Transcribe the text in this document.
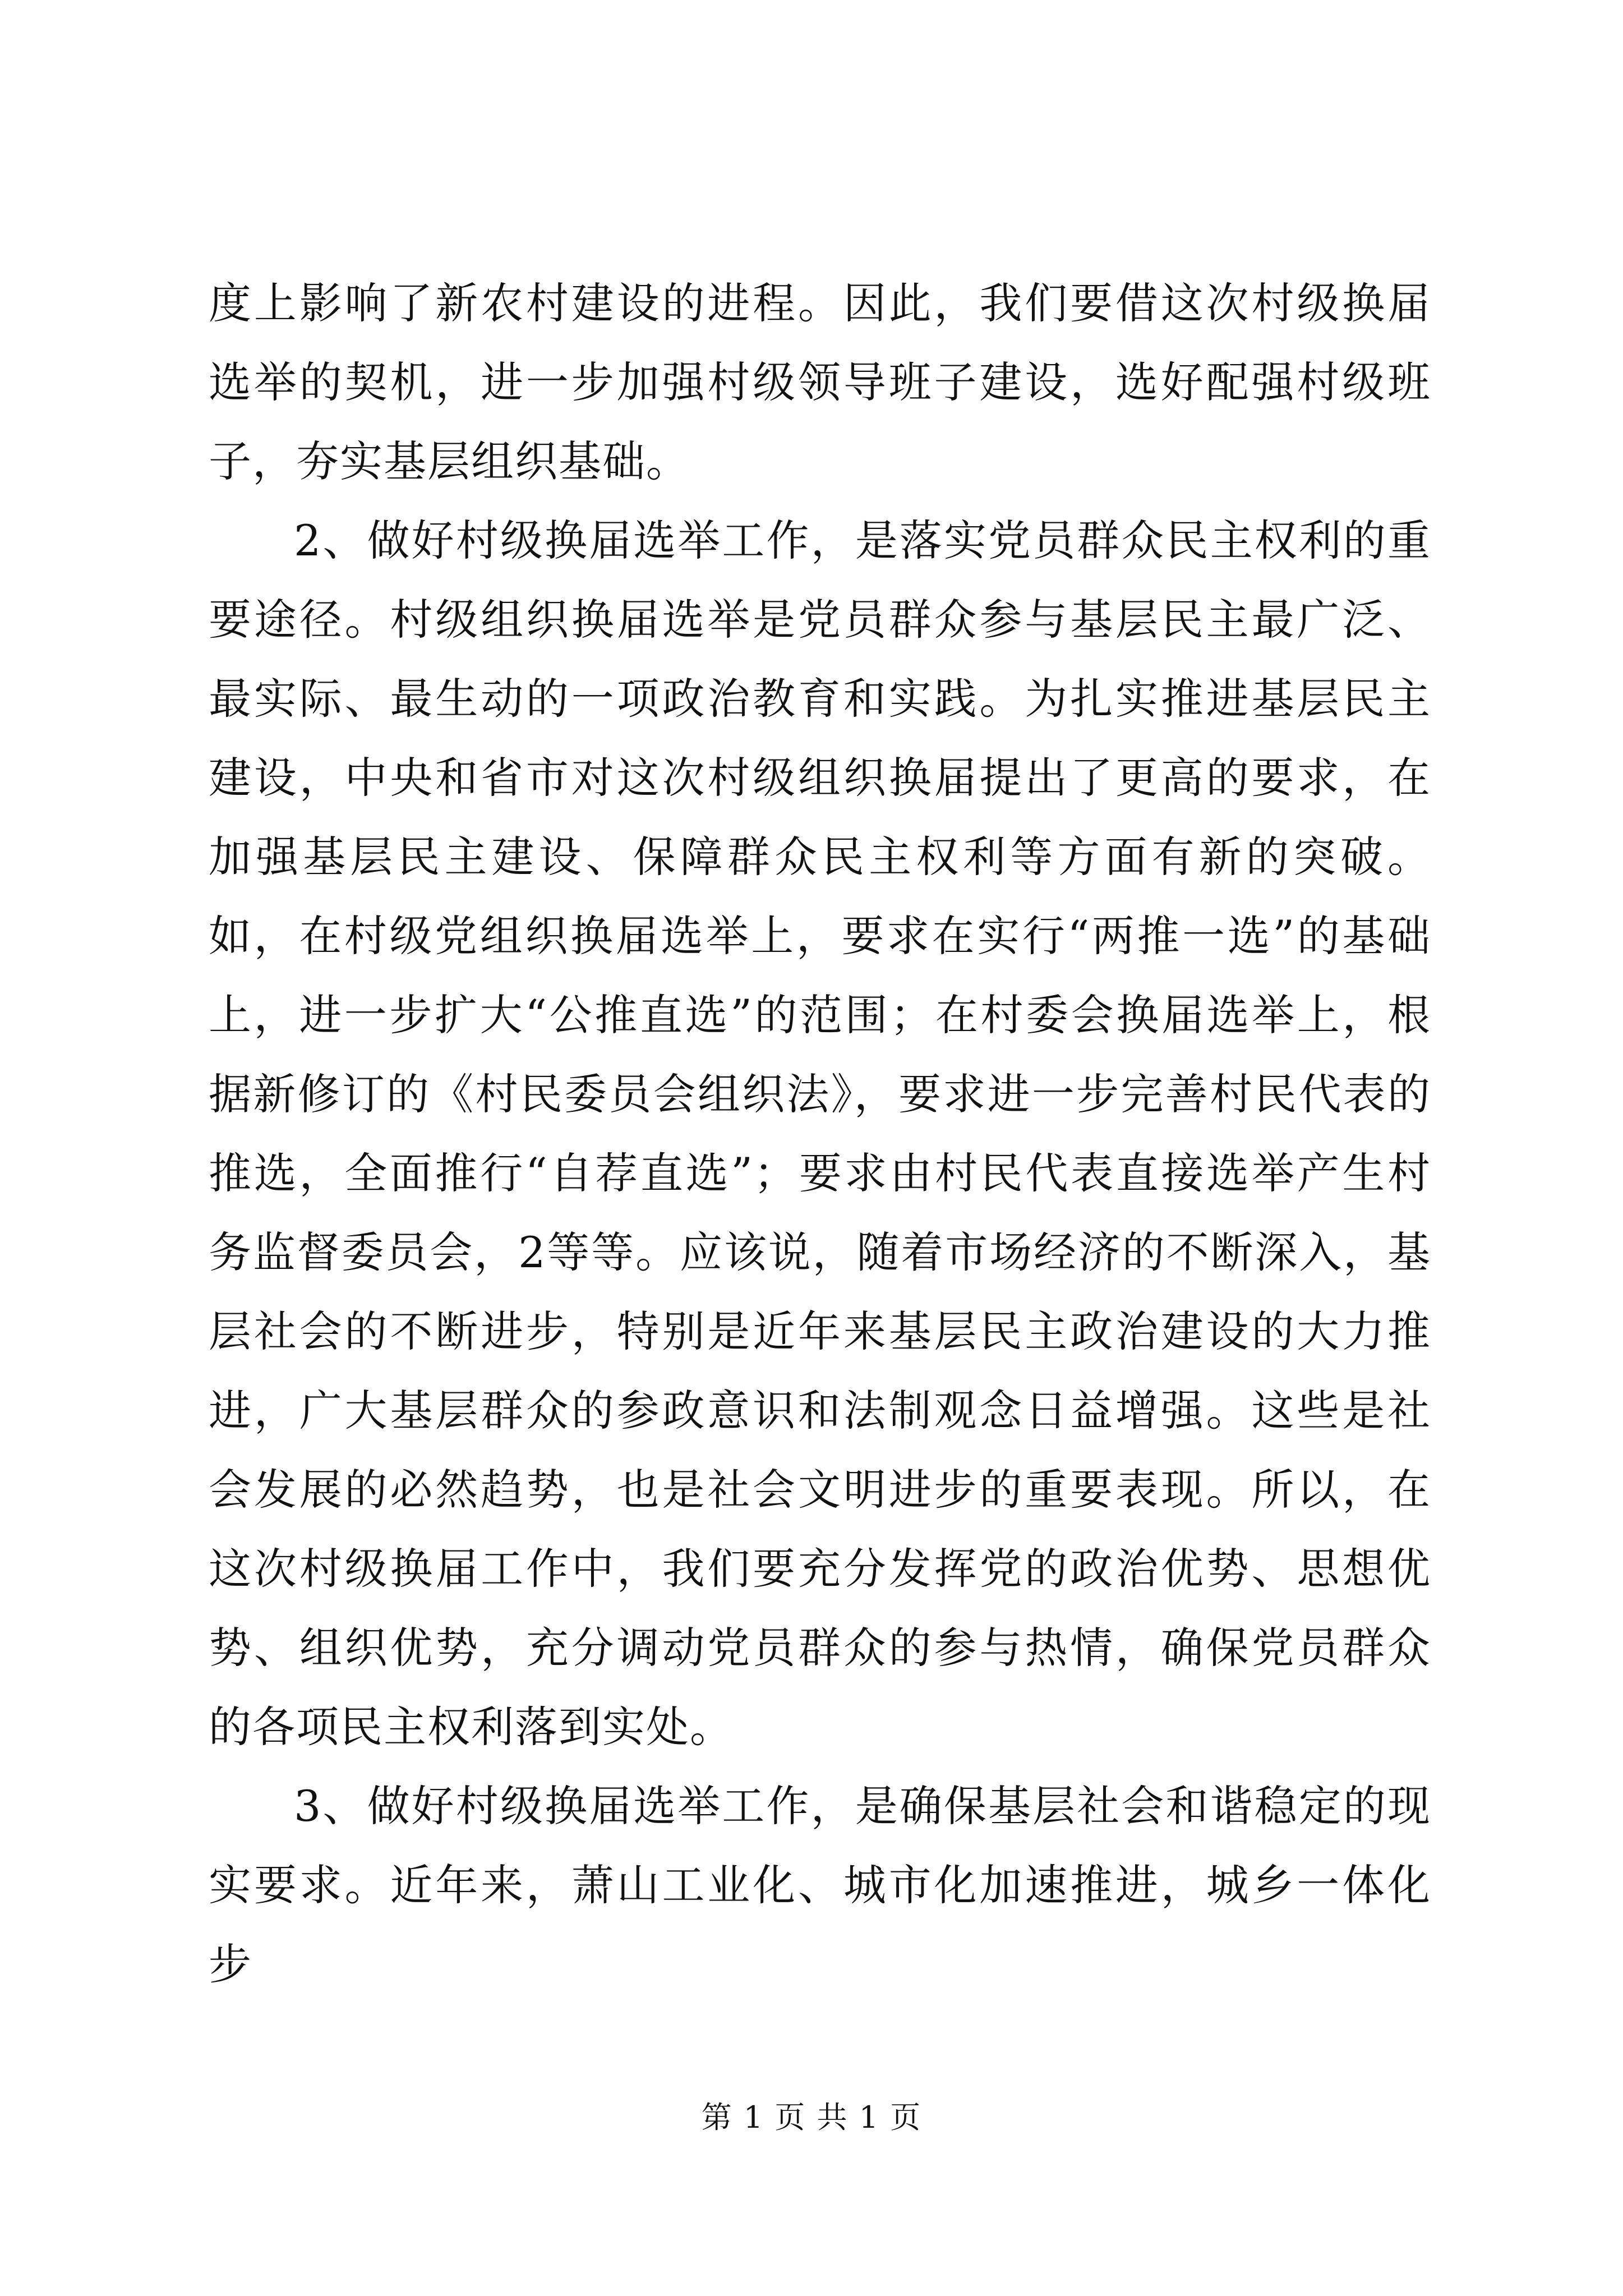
度上影响了新农村建设的进程。因此，我们要借这次村级换届选举的契机，进一步加强村级领导班子建设，选好配强村级班子，夯实基层组织基础。

2、做好村级换届选举工作，是落实党员群众民主权利的重要途径。村级组织换届选举是党员群众参与基层民主最广泛、最实际、最生动的一项政治教育和实践。为扎实推进基层民主建设，中央和省市对这次村级组织换届提出了更高的要求，在加强基层民主建设、保障群众民主权利等方面有新的突破。如，在村级党组织换届选举上，要求在实行“两推一选”的基础上，进一步扩大“公推直选”的范围；在村委会换届选举上，根据新修订的《村民委员会组织法》，要求进一步完善村民代表的推选，全面推行“自荐直选”；要求由村民代表直接选举产生村务监督委员会，2等等。应该说，随着市场经济的不断深入，基层社会的不断进步，特别是近年来基层民主政治建设的大力推进，广大基层群众的参政意识和法制观念日益增强。这些是社会发展的必然趋势，也是社会文明进步的重要表现。所以，在这次村级换届工作中，我们要充分发挥党的政治优势、思想优势、组织优势，充分调动党员群众的参与热情，确保党员群众的各项民主权利落到实处。

3、做好村级换届选举工作，是确保基层社会和谐稳定的现实要求。近年来，萧山工业化、城市化加速推进，城乡一体化步

第 1 页 共 1 页
